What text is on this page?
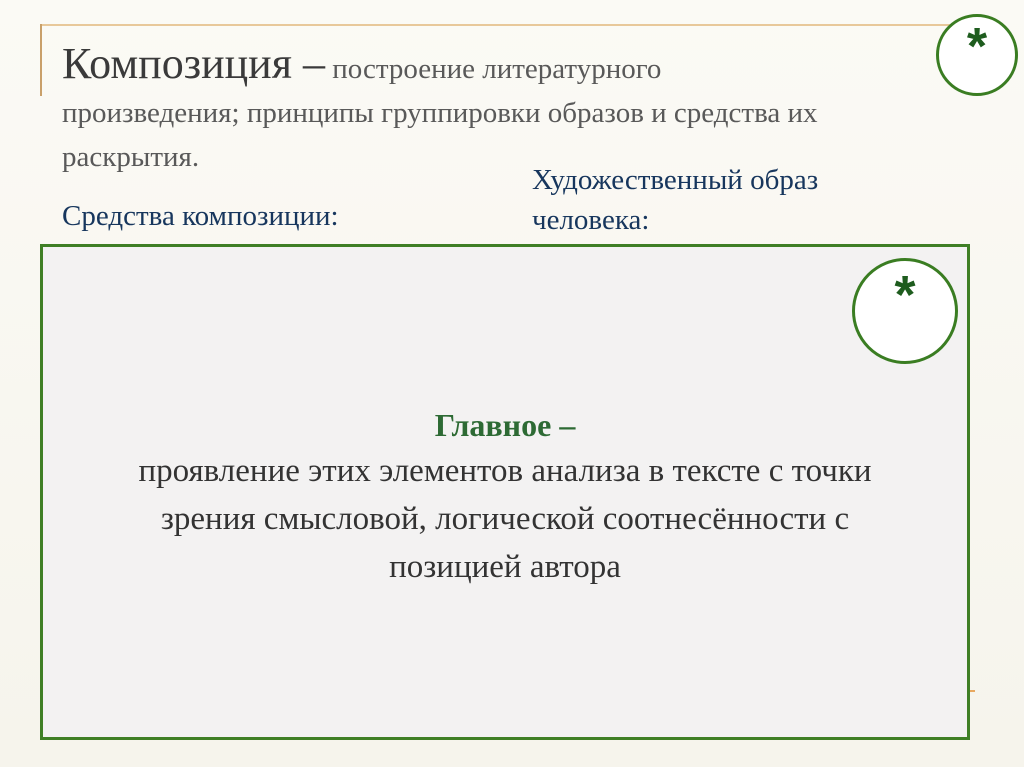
Композиция – построение литературного
произведения; принципы группировки образов и средства их
раскрытия.
*
Средства композиции:
Художественный образ
человека:
Главное –
проявление этих элементов анализа в тексте с точки
зрения смысловой, логической соотнесённости с
позицией автора
*
